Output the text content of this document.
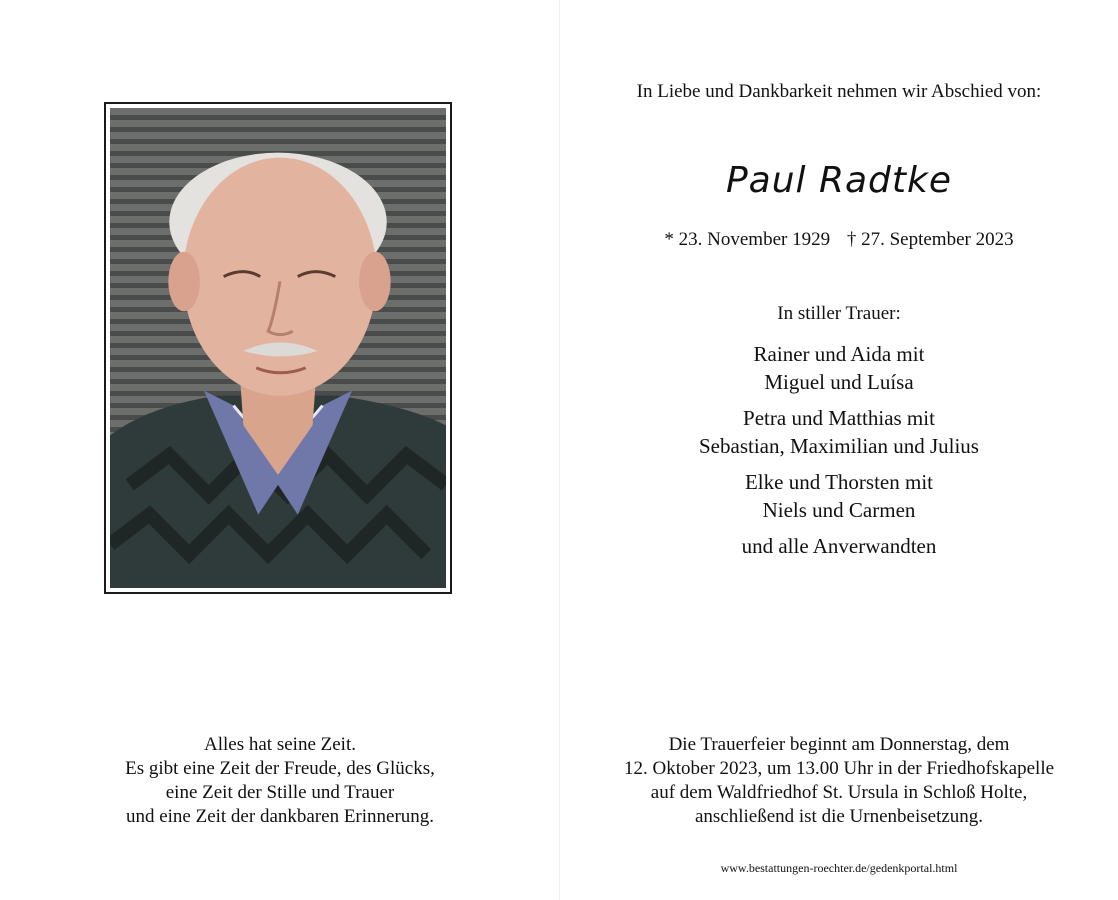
Alles hat seine Zeit.
Es gibt eine Zeit der Freude, des Glücks,
eine Zeit der Stille und Trauer
und eine Zeit der dankbaren Erinnerung.
In Liebe und Dankbarkeit nehmen wir Abschied von:
Paul Radtke
* 23. November 1929 † 27. September 2023
In stiller Trauer:
Rainer und Aida mit
Miguel und Luísa
Petra und Matthias mit
Sebastian, Maximilian und Julius
Elke und Thorsten mit
Niels und Carmen
und alle Anverwandten
Die Trauerfeier beginnt am Donnerstag, dem
12. Oktober 2023, um 13.00 Uhr in der Friedhofskapelle
auf dem Waldfriedhof St. Ursula in Schloß Holte,
anschließend ist die Urnenbeisetzung.
www.bestattungen-roechter.de/gedenkportal.html
